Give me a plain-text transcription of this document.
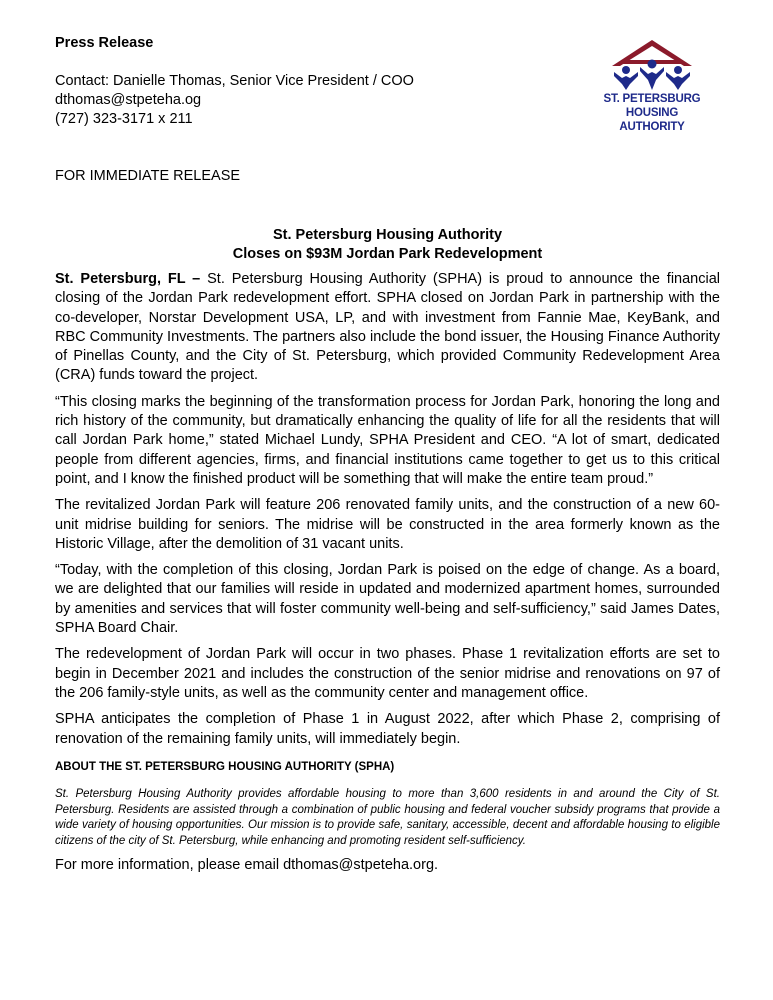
Press Release
Contact: Danielle Thomas, Senior Vice President / COO
dthomas@stpeteha.og
(727) 323-3171 x 211
FOR IMMEDIATE RELEASE
ST. PETERSBURG
HOUSING AUTHORITY
St. Petersburg Housing Authority
Closes on $93M Jordan Park Redevelopment

St. Petersburg, FL – St. Petersburg Housing Authority (SPHA) is proud to announce the financial closing of the Jordan Park redevelopment effort. SPHA closed on Jordan Park in partnership with the co-developer, Norstar Development USA, LP, and with investment from Fannie Mae, KeyBank, and RBC Community Investments. The partners also include the bond issuer, the Housing Finance Authority of Pinellas County, and the City of St. Petersburg, which provided Community Redevelopment Area (CRA) funds toward the project.

“This closing marks the beginning of the transformation process for Jordan Park, honoring the long and rich history of the community, but dramatically enhancing the quality of life for all the residents that will call Jordan Park home,” stated Michael Lundy, SPHA President and CEO. “A lot of smart, dedicated people from different agencies, firms, and financial institutions came together to get us to this critical point, and I know the finished product will be something that will make the entire team proud.”

The revitalized Jordan Park will feature 206 renovated family units, and the construction of a new 60-unit midrise building for seniors. The midrise will be constructed in the area formerly known as the Historic Village, after the demolition of 31 vacant units.

“Today, with the completion of this closing, Jordan Park is poised on the edge of change. As a board, we are delighted that our families will reside in updated and modernized apartment homes, surrounded by amenities and services that will foster community well-being and self-sufficiency,” said James Dates, SPHA Board Chair.

The redevelopment of Jordan Park will occur in two phases. Phase 1 revitalization efforts are set to begin in December 2021 and includes the construction of the senior midrise and renovations on 97 of the 206 family-style units, as well as the community center and management office.

SPHA anticipates the completion of Phase 1 in August 2022, after which Phase 2, comprising of renovation of the remaining family units, will immediately begin.

ABOUT THE ST. PETERSBURG HOUSING AUTHORITY (SPHA)

St. Petersburg Housing Authority provides affordable housing to more than 3,600 residents in and around the City of St. Petersburg. Residents are assisted through a combination of public housing and federal voucher subsidy programs that provide a wide variety of housing opportunities. Our mission is to provide safe, sanitary, accessible, decent and affordable housing to eligible citizens of the city of St. Petersburg, while enhancing and promoting resident self-sufficiency.

For more information, please email dthomas@stpeteha.org.
